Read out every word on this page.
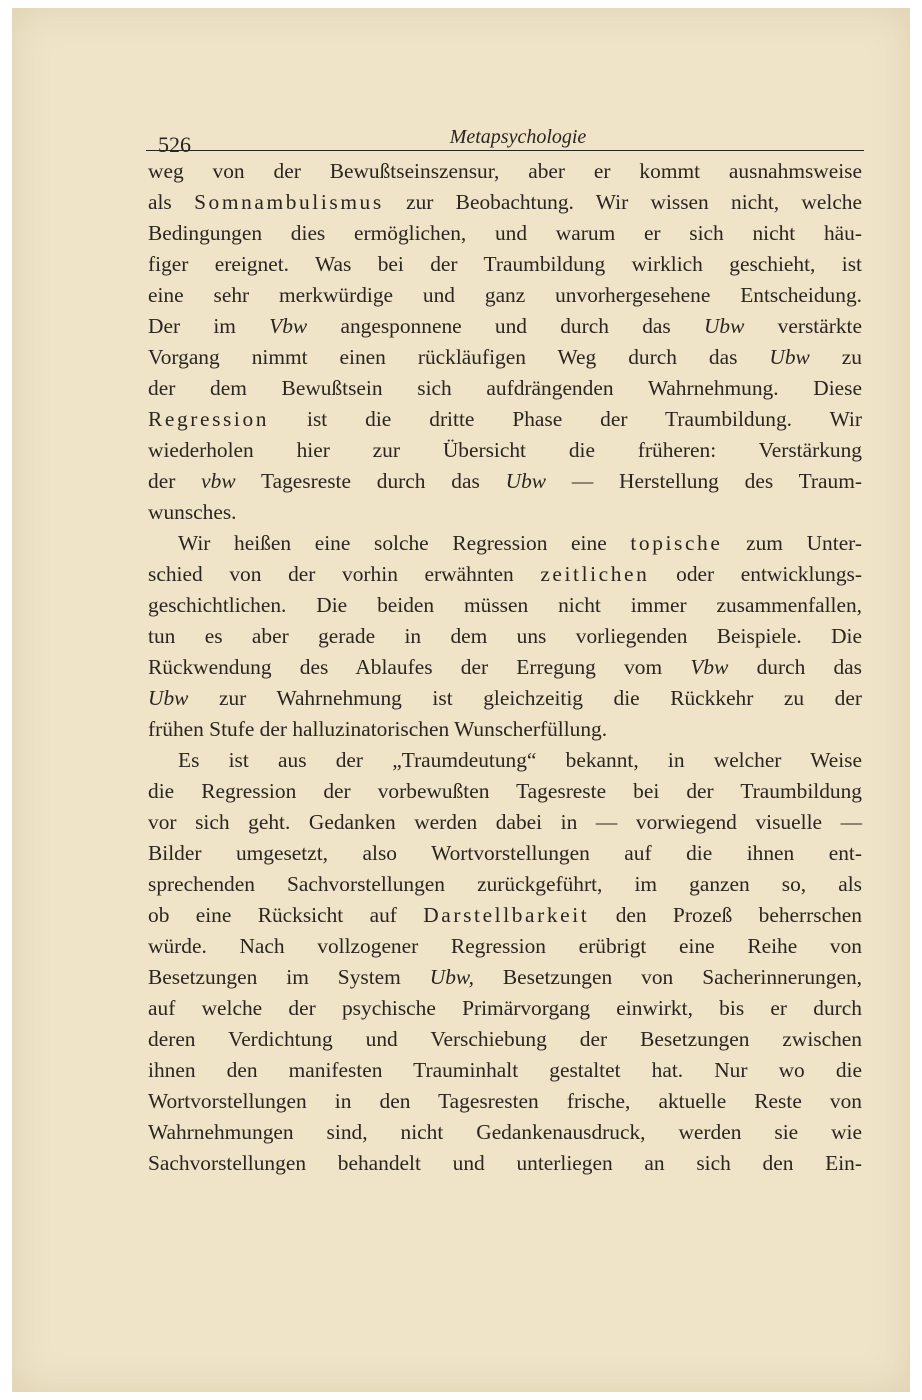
526	Metapsychologie
weg von der Bewußtseinszensur, aber er kommt ausnahmsweise
als Somnambulismus zur Beobachtung. Wir wissen nicht, welche
Bedingungen dies ermöglichen, und warum er sich nicht häu-
figer ereignet. Was bei der Traumbildung wirklich geschieht, ist
eine sehr merkwürdige und ganz unvorhergesehene Entscheidung.
Der im Vbw angesponnene und durch das Ubw verstärkte
Vorgang nimmt einen rückläufigen Weg durch das Ubw zu
der dem Bewußtsein sich aufdrängenden Wahrnehmung. Diese
Regression ist die dritte Phase der Traumbildung. Wir
wiederholen hier zur Übersicht die früheren: Verstärkung
der vbw Tagesreste durch das Ubw — Herstellung des Traum-
wunsches.
Wir heißen eine solche Regression eine topische zum Unter-
schied von der vorhin erwähnten zeitlichen oder entwicklungs-
geschichtlichen. Die beiden müssen nicht immer zusammenfallen,
tun es aber gerade in dem uns vorliegenden Beispiele. Die
Rückwendung des Ablaufes der Erregung vom Vbw durch das
Ubw zur Wahrnehmung ist gleichzeitig die Rückkehr zu der
frühen Stufe der halluzinatorischen Wunscherfüllung.
Es ist aus der „Traumdeutung“ bekannt, in welcher Weise
die Regression der vorbewußten Tagesreste bei der Traumbildung
vor sich geht. Gedanken werden dabei in — vorwiegend visuelle —
Bilder umgesetzt, also Wortvorstellungen auf die ihnen ent-
sprechenden Sachvorstellungen zurückgeführt, im ganzen so, als
ob eine Rücksicht auf Darstellbarkeit den Prozeß beherrschen
würde. Nach vollzogener Regression erübrigt eine Reihe von
Besetzungen im System Ubw, Besetzungen von Sacherinnerungen,
auf welche der psychische Primärvorgang einwirkt, bis er durch
deren Verdichtung und Verschiebung der Besetzungen zwischen
ihnen den manifesten Trauminhalt gestaltet hat. Nur wo die
Wortvorstellungen in den Tagesresten frische, aktuelle Reste von
Wahrnehmungen sind, nicht Gedankenausdruck, werden sie wie
Sachvorstellungen behandelt und unterliegen an sich den Ein-
